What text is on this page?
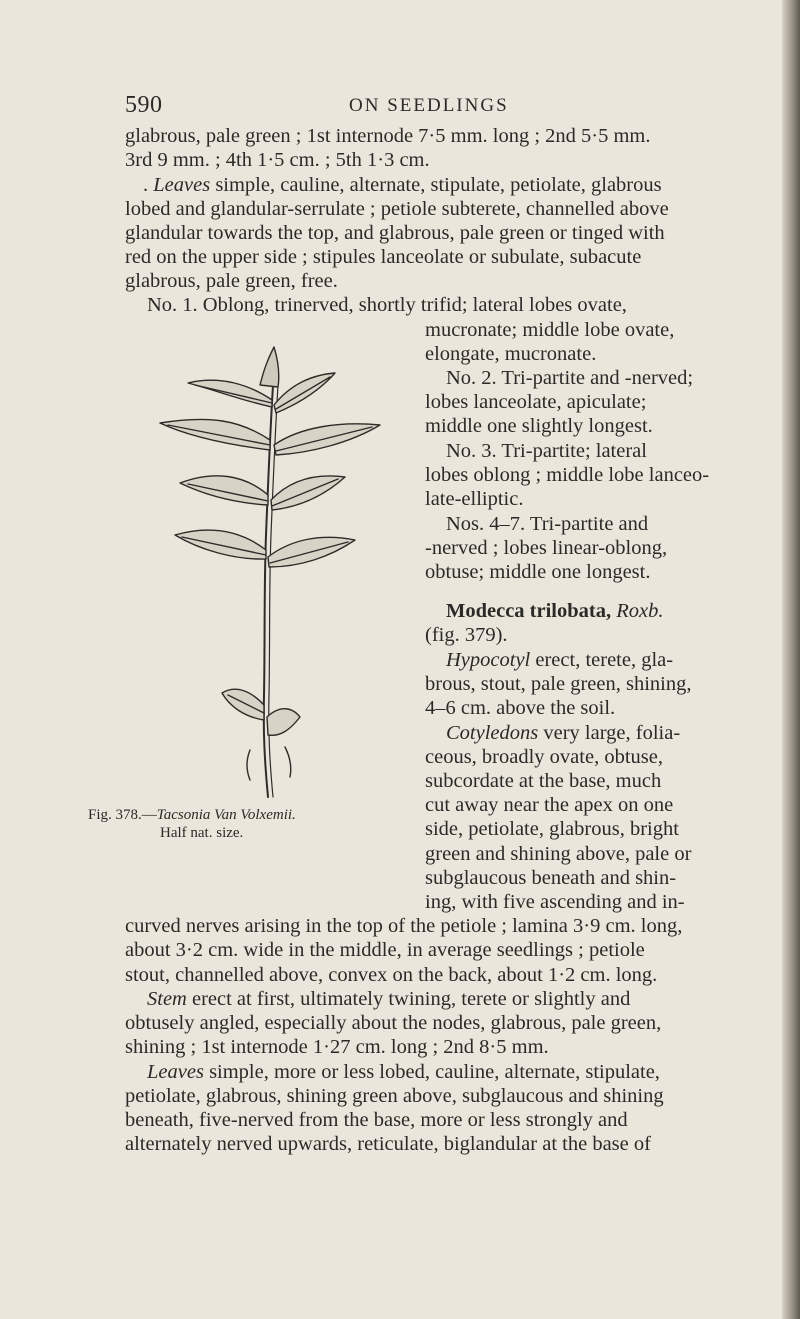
590	ON SEEDLINGS
glabrous, pale green ; 1st internode 7·5 mm. long ; 2nd 5·5 mm.
3rd 9 mm. ; 4th 1·5 cm. ; 5th 1·3 cm.
. Leaves simple, cauline, alternate, stipulate, petiolate, glabrous
lobed and glandular-serrulate ; petiole subterete, channelled above
glandular towards the top, and glabrous, pale green or tinged with
red on the upper side ; stipules lanceolate or subulate, subacute
glabrous, pale green, free.
No. 1. Oblong, trinerved, shortly trifid; lateral lobes ovate,
mucronate; middle lobe ovate,
elongate, mucronate.
No. 2. Tri-partite and -nerved;
lobes lanceolate, apiculate;
middle one slightly longest.
No. 3. Tri-partite; lateral
lobes oblong ; middle lobe lanceo-
late-elliptic.
Nos. 4–7. Tri-partite and
-nerved ; lobes linear-oblong,
obtuse; middle one longest.
Modecca trilobata, Roxb.
(fig. 379).
Hypocotyl erect, terete, gla-
brous, stout, pale green, shining,
4–6 cm. above the soil.
Cotyledons very large, folia-
ceous, broadly ovate, obtuse,
subcordate at the base, much
cut away near the apex on one
side, petiolate, glabrous, bright
green and shining above, pale or
subglaucous beneath and shin-
ing, with five ascending and in-
curved nerves arising in the top of the petiole ; lamina 3·9 cm. long,
about 3·2 cm. wide in the middle, in average seedlings ; petiole
stout, channelled above, convex on the back, about 1·2 cm. long.
Stem erect at first, ultimately twining, terete or slightly and
obtusely angled, especially about the nodes, glabrous, pale green,
shining ; 1st internode 1·27 cm. long ; 2nd 8·5 mm.
Leaves simple, more or less lobed, cauline, alternate, stipulate,
petiolate, glabrous, shining green above, subglaucous and shining
beneath, five-nerved from the base, more or less strongly and
alternately nerved upwards, reticulate, biglandular at the base of
Fig. 378.—Tacsonia Van Volxemii.
Half nat. size.
